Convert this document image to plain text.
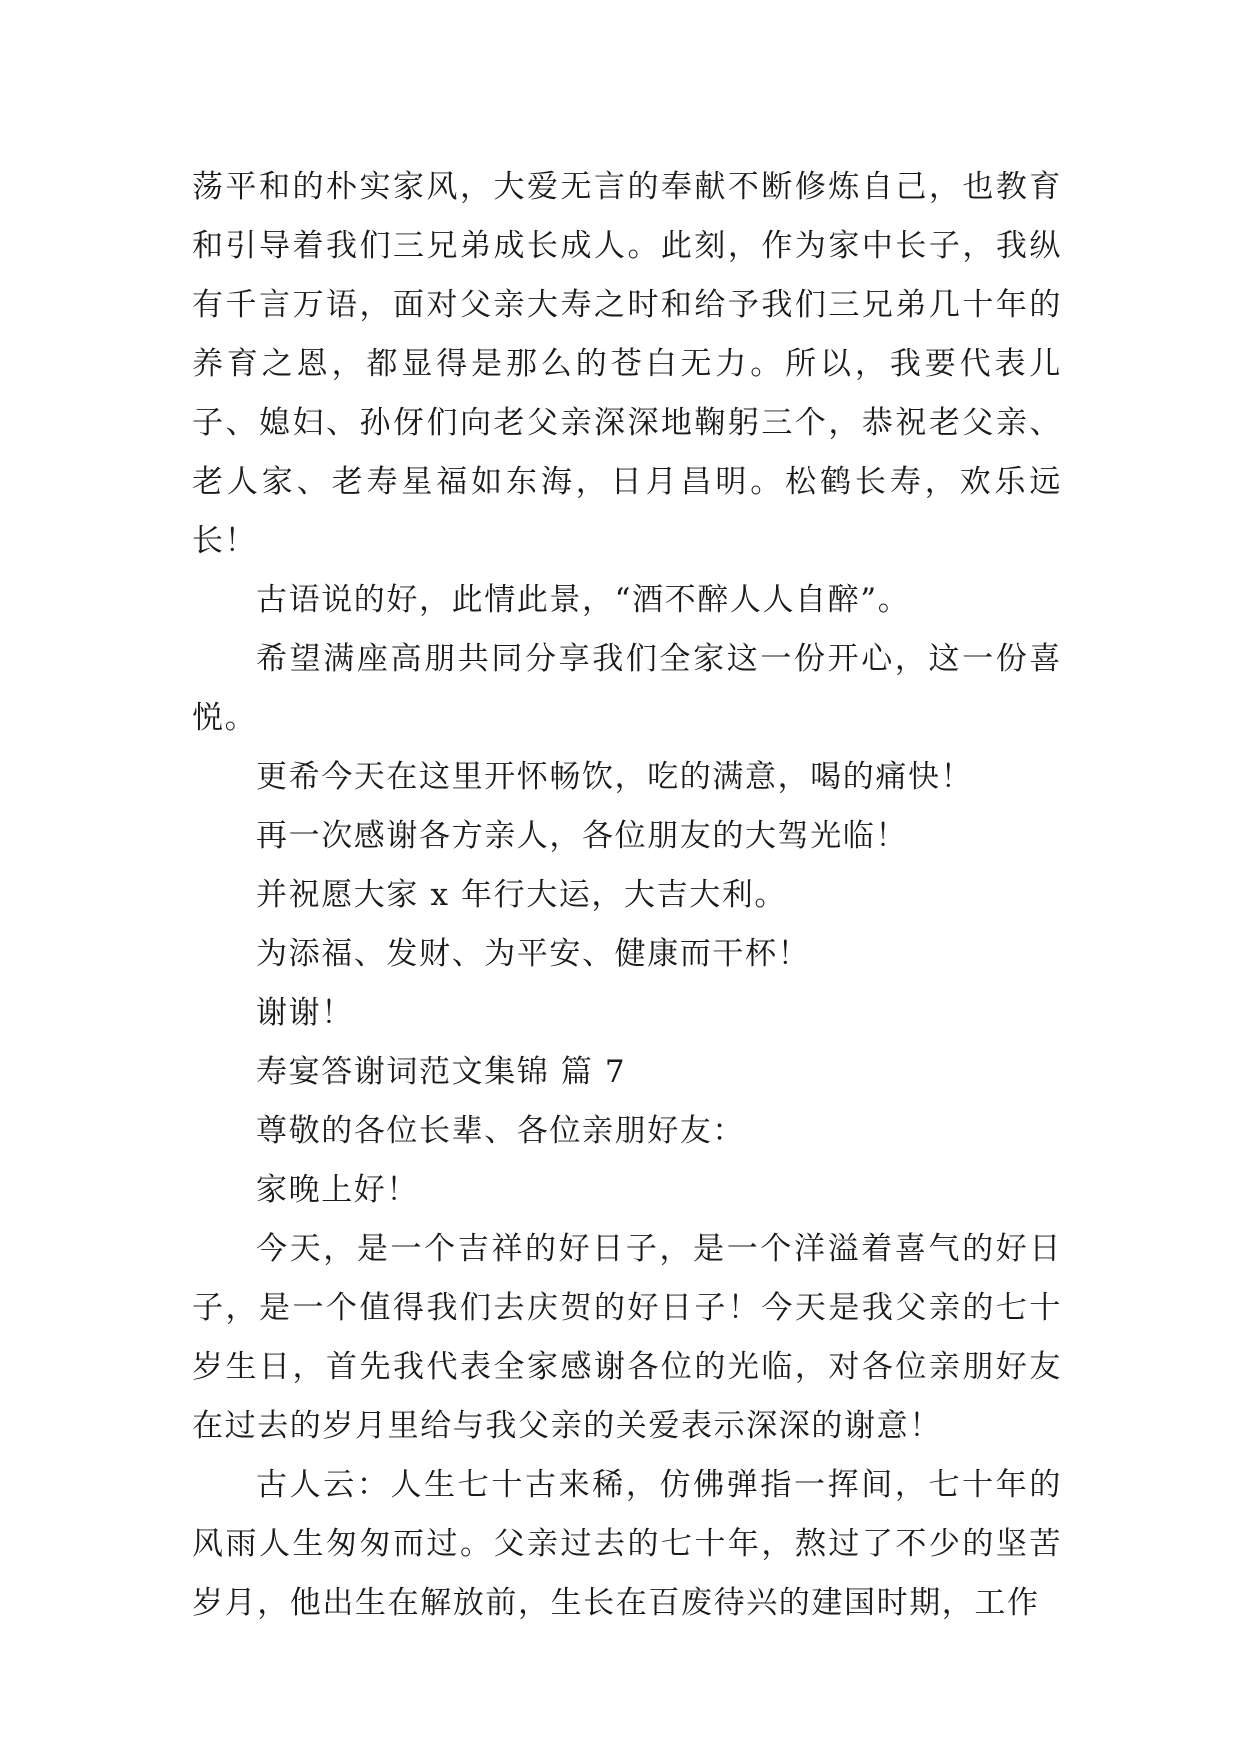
荡平和的朴实家风，大爱无言的奉献不断修炼自己，也教育和引导着我们三兄弟成长成人。此刻，作为家中长子，我纵有千言万语，面对父亲大寿之时和给予我们三兄弟几十年的养育之恩，都显得是那么的苍白无力。所以，我要代表儿子、媳妇、孙伢们向老父亲深深地鞠躬三个，恭祝老父亲、老人家、老寿星福如东海，日月昌明。松鹤长寿，欢乐远长！

古语说的好，此情此景，“酒不醉人人自醉”。

希望满座高朋共同分享我们全家这一份开心，这一份喜悦。

更希今天在这里开怀畅饮，吃的满意，喝的痛快！

再一次感谢各方亲人，各位朋友的大驾光临！

并祝愿大家 x 年行大运，大吉大利。

为添福、发财、为平安、健康而干杯！

谢谢！

寿宴答谢词范文集锦 篇 7

尊敬的各位长辈、各位亲朋好友：

家晚上好！

今天，是一个吉祥的好日子，是一个洋溢着喜气的好日子，是一个值得我们去庆贺的好日子！今天是我父亲的七十岁生日，首先我代表全家感谢各位的光临，对各位亲朋好友在过去的岁月里给与我父亲的关爱表示深深的谢意！

古人云：人生七十古来稀，仿佛弹指一挥间，七十年的风雨人生匆匆而过。父亲过去的七十年，熬过了不少的坚苦岁月，他出生在解放前，生长在百废待兴的建国时期，工作
